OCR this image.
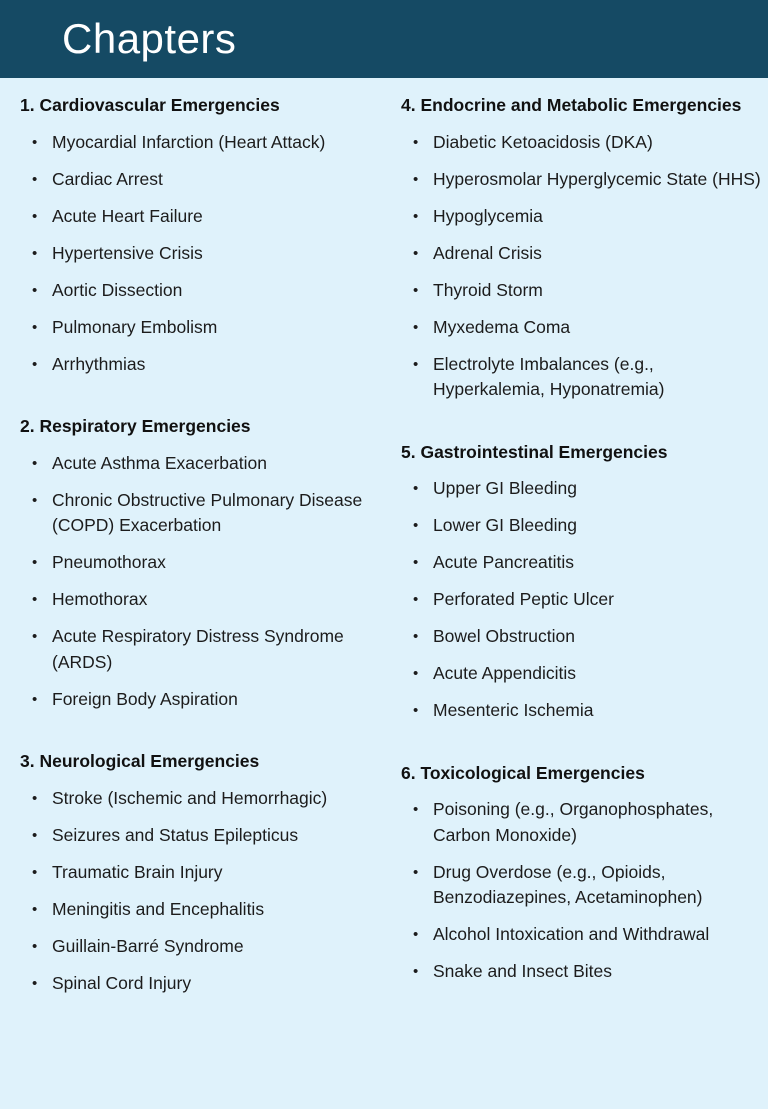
Chapters
1. Cardiovascular Emergencies
• Myocardial Infarction (Heart Attack)
• Cardiac Arrest
• Acute Heart Failure
• Hypertensive Crisis
• Aortic Dissection
• Pulmonary Embolism
• Arrhythmias
2. Respiratory Emergencies
• Acute Asthma Exacerbation
• Chronic Obstructive Pulmonary Disease (COPD) Exacerbation
• Pneumothorax
• Hemothorax
• Acute Respiratory Distress Syndrome (ARDS)
• Foreign Body Aspiration
3. Neurological Emergencies
• Stroke (Ischemic and Hemorrhagic)
• Seizures and Status Epilepticus
• Traumatic Brain Injury
• Meningitis and Encephalitis
• Guillain-Barré Syndrome
• Spinal Cord Injury
4. Endocrine and Metabolic Emergencies
• Diabetic Ketoacidosis (DKA)
• Hyperosmolar Hyperglycemic State (HHS)
• Hypoglycemia
• Adrenal Crisis
• Thyroid Storm
• Myxedema Coma
• Electrolyte Imbalances (e.g., Hyperkalemia, Hyponatremia)
5. Gastrointestinal Emergencies
• Upper GI Bleeding
• Lower GI Bleeding
• Acute Pancreatitis
• Perforated Peptic Ulcer
• Bowel Obstruction
• Acute Appendicitis
• Mesenteric Ischemia
6. Toxicological Emergencies
• Poisoning (e.g., Organophosphates, Carbon Monoxide)
• Drug Overdose (e.g., Opioids, Benzodiazepines, Acetaminophen)
• Alcohol Intoxication and Withdrawal
• Snake and Insect Bites
